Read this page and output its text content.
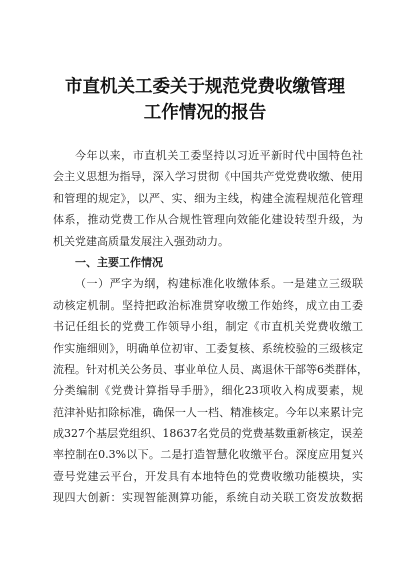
市直机关工委关于规范党费收缴管理
工作情况的报告
今年以来，市直机关工委坚持以习近平新时代中国特色社
会主义思想为指导，深入学习贯彻《中国共产党党费收缴、使用
和管理的规定》，以严、实、细为主线，构建全流程规范化管理
体系，推动党费工作从合规性管理向效能化建设转型升级，为
机关党建高质量发展注入强劲动力。
一、主要工作情况
（一）严字为纲，构建标准化收缴体系。一是建立三级联
动核定机制。坚持把政治标准贯穿收缴工作始终，成立由工委
书记任组长的党费工作领导小组，制定《市直机关党费收缴工
作实施细则》，明确单位初审、工委复核、系统校验的三级核定
流程。针对机关公务员、事业单位人员、离退休干部等6类群体，
分类编制《党费计算指导手册》，细化23项收入构成要素，规
范津补贴扣除标准，确保一人一档、精准核定。今年以来累计完
成327个基层党组织、18637名党员的党费基数重新核定，误差
率控制在0.3%以下。二是打造智慧化收缴平台。深度应用复兴
壹号党建云平台，开发具有本地特色的党费收缴功能模块，实
现四大创新：实现智能测算功能，系统自动关联工资发放数据
